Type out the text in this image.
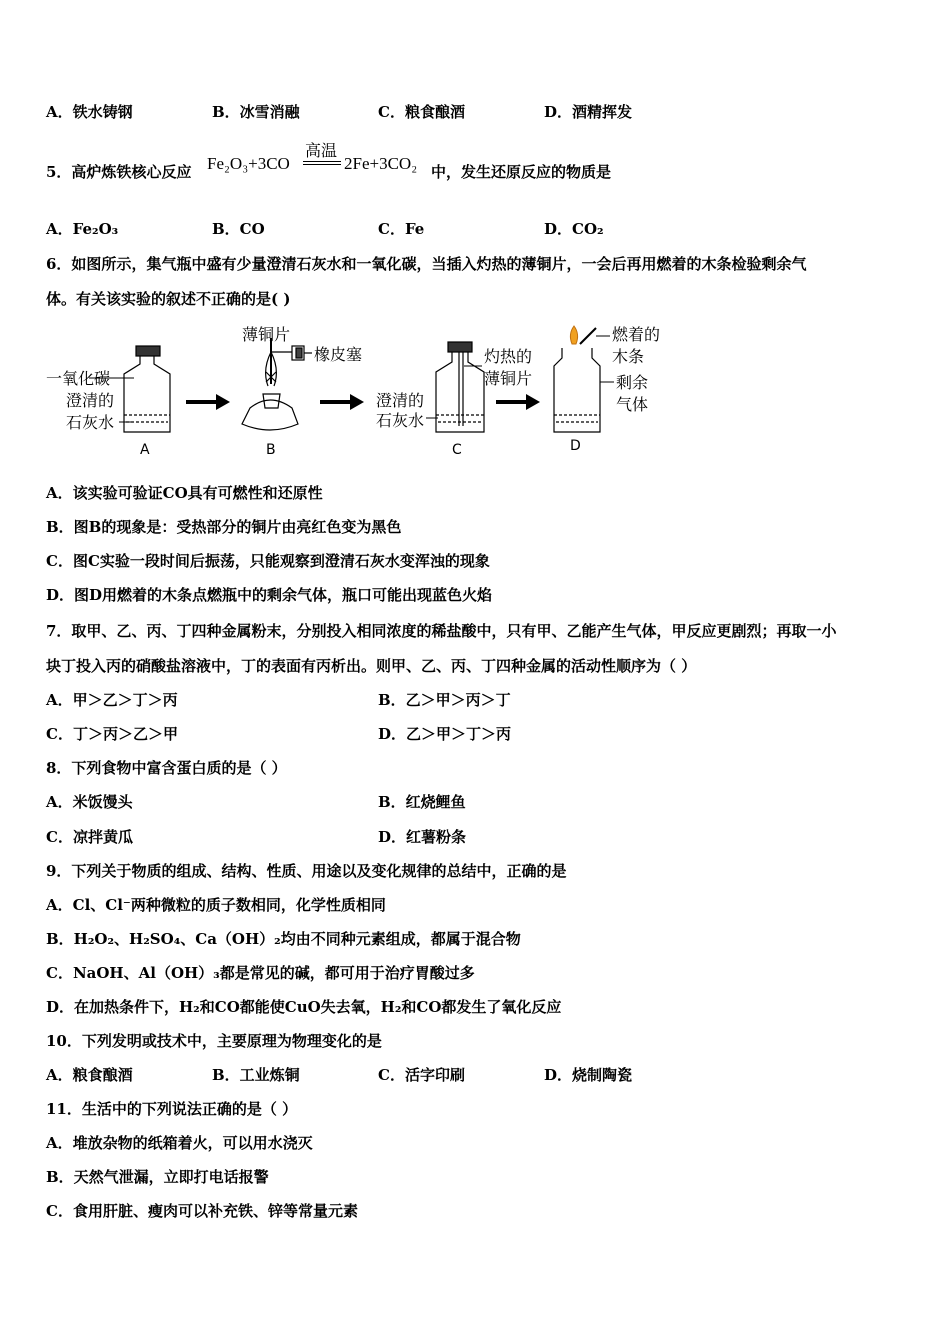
A．铁水铸钢	B．冰雪消融	C．粮食酿酒	D．酒精挥发
5．高炉炼铁核心反应 Fe₂O₃+3CO
高温
2Fe+3CO₂ 中，发生还原反应的物质是
A．Fe₂O₃	B．CO	C．Fe	D．CO₂
6．如图所示，集气瓶中盛有少量澄清石灰水和一氧化碳，当插入灼热的薄铜片，一会后再用燃着的木条检验剩余气
体。有关该实验的叙述不正确的是( )
一氧化碳
澄清的
石灰水
A
薄铜片
橡皮塞
B
灼热的
薄铜片
澄清的
石灰水
C
燃着的
木条
剩余
气体
D
A．该实验可验证CO具有可燃性和还原性
B．图B的现象是：受热部分的铜片由亮红色变为黑色
C．图C实验一段时间后振荡，只能观察到澄清石灰水变浑浊的现象
D．图D用燃着的木条点燃瓶中的剩余气体，瓶口可能出现蓝色火焰
7．取甲、乙、丙、丁四种金属粉末，分别投入相同浓度的稀盐酸中，只有甲、乙能产生气体，甲反应更剧烈；再取一小
块丁投入丙的硝酸盐溶液中，丁的表面有丙析出。则甲、乙、丙、丁四种金属的活动性顺序为（ ）
A．甲＞乙＞丁＞丙	B．乙＞甲＞丙＞丁
C．丁＞丙＞乙＞甲	D．乙＞甲＞丁＞丙
8．下列食物中富含蛋白质的是（ ）
A．米饭馒头	B．红烧鲤鱼
C．凉拌黄瓜	D．红薯粉条
9．下列关于物质的组成、结构、性质、用途以及变化规律的总结中，正确的是
A．Cl、Cl⁻两种微粒的质子数相同，化学性质相同
B．H₂O₂、H₂SO₄、Ca（OH）₂均由不同种元素组成，都属于混合物
C．NaOH、Al（OH）₃都是常见的碱，都可用于治疗胃酸过多
D．在加热条件下，H₂和CO都能使CuO失去氧，H₂和CO都发生了氧化反应
10．下列发明或技术中，主要原理为物理变化的是
A．粮食酿酒	B．工业炼铜	C．活字印刷	D．烧制陶瓷
11．生活中的下列说法正确的是（ ）
A．堆放杂物的纸箱着火，可以用水浇灭
B．天然气泄漏，立即打电话报警
C．食用肝脏、瘦肉可以补充铁、锌等常量元素
